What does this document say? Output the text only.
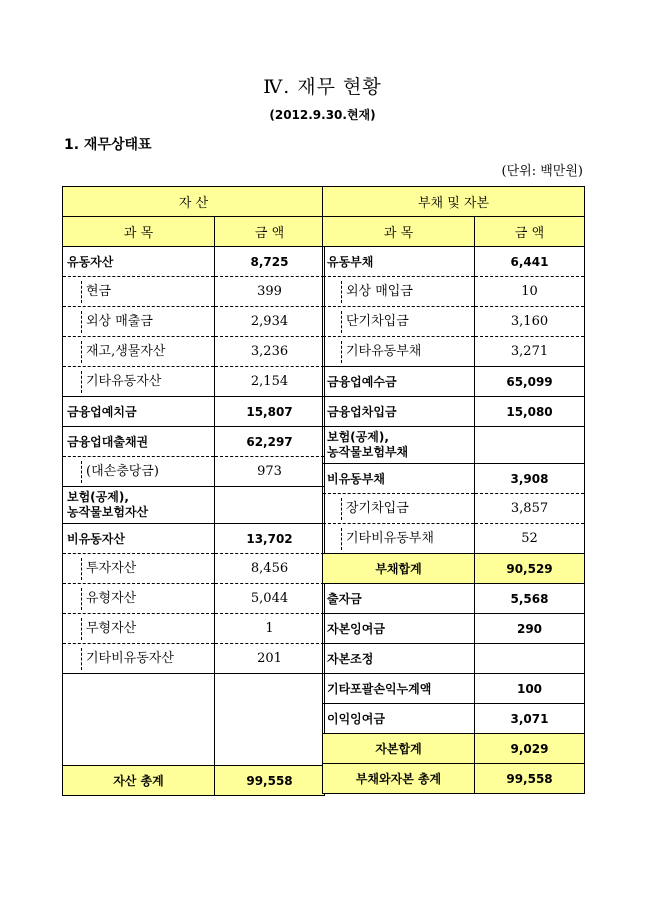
Ⅳ. 재무 현황
(2012.9.30.현재)
1. 재무상태표
(단위: 백만원)
자 산	
과 목	금 액
유동자산	8,725
현금	399
외상 매출금	2,934
재고,생물자산	3,236
기타유동자산	2,154
금융업예치금	15,807
금융업대출채권	62,297
(대손충당금)	973
보험(공제),
농작물보험자산	
비유동자산	13,702
투자자산	8,456
유형자산	5,044
무형자산	1
기타비유동자산	201

자산 총계	99,558
부채 및 자본	
과 목	금 액
유동부채	6,441
외상 매입금	10
단기차입금	3,160
기타유동부채	3,271
금융업예수금	65,099
금융업차입금	15,080
보험(공제),
농작물보험부채	
비유동부채	3,908
장기차입금	3,857
기타비유동부채	52
부채합계	90,529
출자금	5,568
자본잉여금	290
자본조정	
기타포괄손익누계액	100
이익잉여금	3,071
자본합계	9,029
부채와자본 총계	99,558
